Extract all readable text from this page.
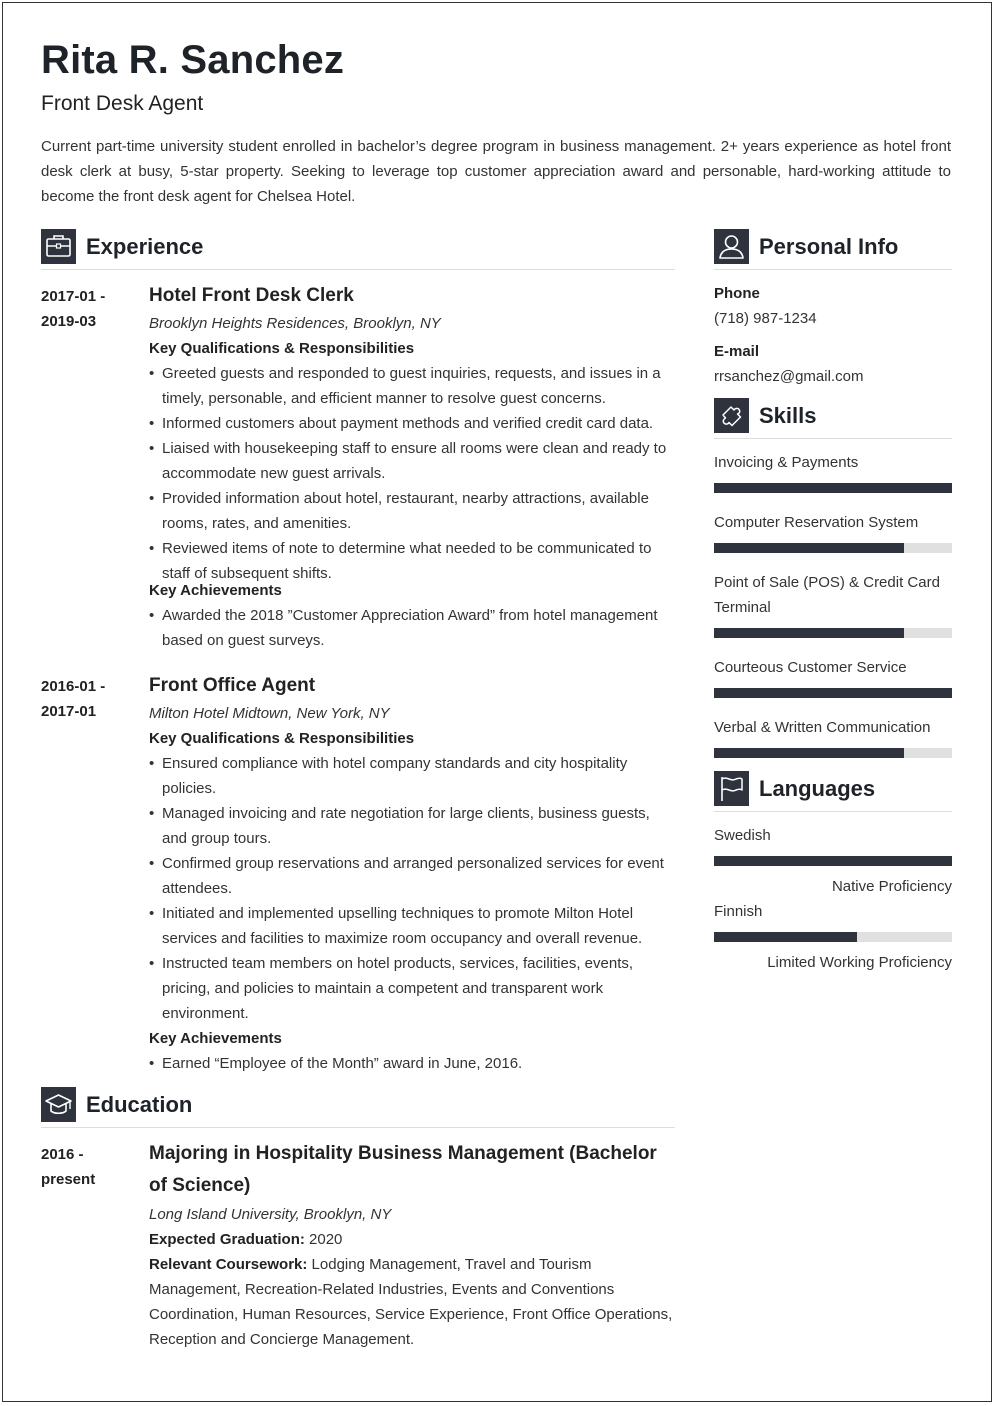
Rita R. Sanchez
Front Desk Agent
Current part-time university student enrolled in bachelor’s degree program in business management. 2+ years experience as hotel front desk clerk at busy, 5-star property. Seeking to leverage top customer appreciation award and personable, hard-working attitude to become the front desk agent for Chelsea Hotel.
Experience
2017-01 -
2019-03
Hotel Front Desk Clerk
Brooklyn Heights Residences, Brooklyn, NY
Key Qualifications & Responsibilities
• Greeted guests and responded to guest inquiries, requests, and issues in a timely, personable, and efficient manner to resolve guest concerns.
• Informed customers about payment methods and verified credit card data.
• Liaised with housekeeping staff to ensure all rooms were clean and ready to accommodate new guest arrivals.
• Provided information about hotel, restaurant, nearby attractions, available rooms, rates, and amenities.
• Reviewed items of note to determine what needed to be communicated to staff of subsequent shifts.
Key Achievements
• Awarded the 2018 ”Customer Appreciation Award” from hotel management based on guest surveys.
2016-01 -
2017-01
Front Office Agent
Milton Hotel Midtown, New York, NY
Key Qualifications & Responsibilities
• Ensured compliance with hotel company standards and city hospitality policies.
• Managed invoicing and rate negotiation for large clients, business guests, and group tours.
• Confirmed group reservations and arranged personalized services for event attendees.
• Initiated and implemented upselling techniques to promote Milton Hotel services and facilities to maximize room occupancy and overall revenue.
• Instructed team members on hotel products, services, facilities, events, pricing, and policies to maintain a competent and transparent work environment.
Key Achievements
• Earned “Employee of the Month” award in June, 2016.
Education
2016 -
present
Majoring in Hospitality Business Management (Bachelor of Science)
Long Island University, Brooklyn, NY
Expected Graduation: 2020
Relevant Coursework: Lodging Management, Travel and Tourism Management, Recreation-Related Industries, Events and Conventions Coordination, Human Resources, Service Experience, Front Office Operations, Reception and Concierge Management.
Personal Info
Phone
(718) 987-1234
E-mail
rrsanchez@gmail.com
Skills
Invoicing & Payments
Computer Reservation System
Point of Sale (POS) & Credit Card Terminal
Courteous Customer Service
Verbal & Written Communication
Languages
Swedish
Native Proficiency
Finnish
Limited Working Proficiency
